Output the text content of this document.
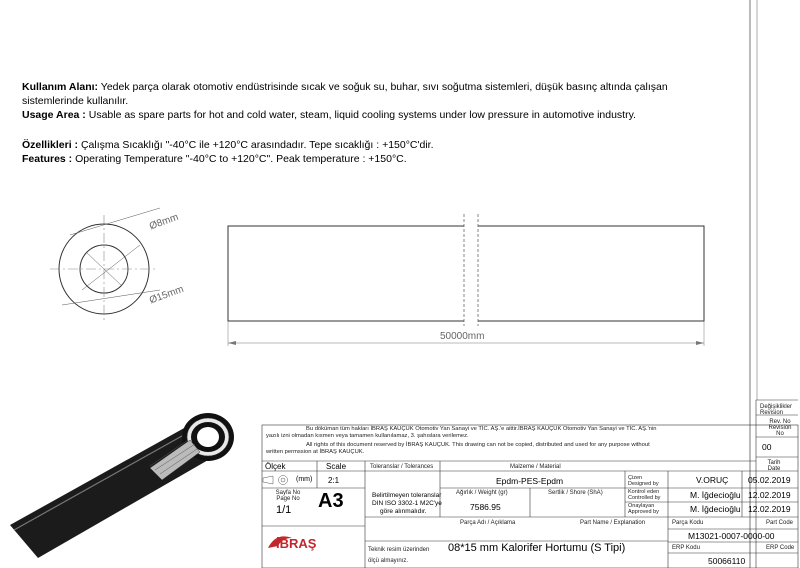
Kullanım Alanı: Yedek parça olarak otomotiv endüstrisinde sıcak ve soğuk su, buhar, sıvı soğutma sistemleri, düşük basınç altında çalışan
sistemlerinde kullanılır.
Usage Area : Usable as spare parts for hot and cold water, steam, liquid cooling systems under low pressure in automotive industry.
Özellikleri : Çalışma Sıcaklığı "-40°C ile +120°C arasındadır. Tepe sıcaklığı : +150°C'dir.
Features : Operating Temperature "-40°C to +120°C". Peak temperature : +150°C.
Ø8mm
Ø15mm
50000mm
Değişiklikler Revision
Rev. No Revision No
00
Tarih Date
Bu döküman tüm hakları İBRAŞ KAUÇUK Otomotiv Yan Sanayi ve TİC. AŞ.'e aittir.İBRAŞ KAUÇUK Otomotiv Yan Sanayi ve TİC. AŞ.'nin
yazılı izni olmadan kısmen veya tamamen kullanılamaz, 3. şahıslara verilemez.
All rights of this document reserved by İBRAŞ KAUÇUK. This drawing can not be copied, distributed and used for any purpose without
written permssion at İBRAŞ KAUÇUK.
Ölçek	Scale
(mm) 2:1
Sayfa No Page No
1/1 A3
Toleranslar / Tolerances
Belirtilmeyen toleranslar
DIN ISO 3302-1 M2C'ye
göre alınmalıdır.
Malzeme / Material
Epdm-PES-Epdm
Ağırlık / Weight (gr)
7586.95
Sertlik / Shore (ShA)
Çizen Designed by	V.ORUÇ 05.02.2019
Kontrol eden Controlled by	M. İğdecioğlu 12.02.2019
Onaylayan Approved by	M. İğdecioğlu 12.02.2019
Parça Adı / Açıklama	Part Name / Explanation
08*15 mm Kalorifer Hortumu (S Tipi)
Parça Kodu	Part Code
M13021-0007-0000-00
ERP Kodu	ERP Code
50066110
Teknik resim üzerinden ölçü almayınız.
İBRAŞ
